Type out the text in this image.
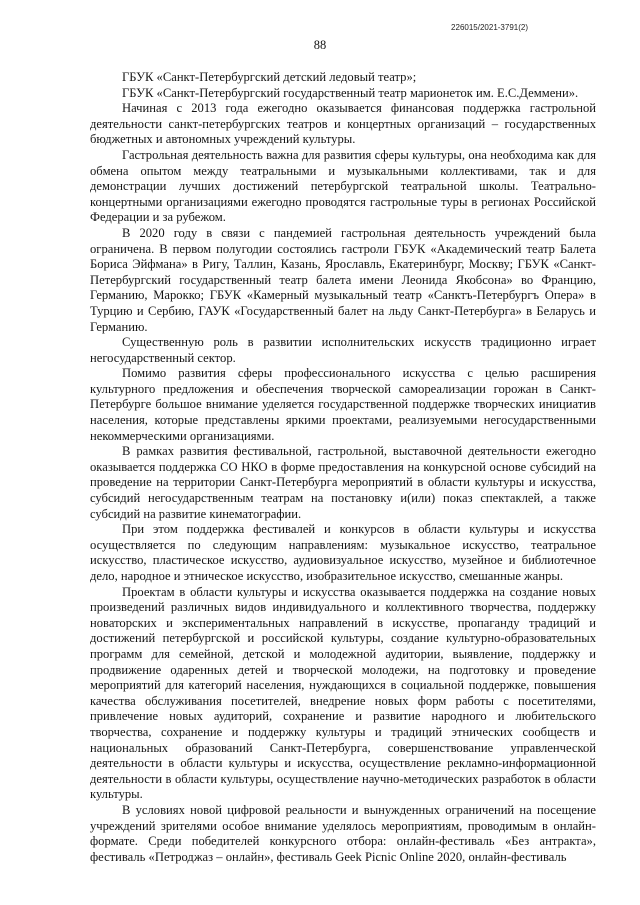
226015/2021-3791(2)
88

ГБУК «Санкт-Петербургский детский ледовый театр»;

ГБУК «Санкт-Петербургский государственный театр марионеток им. Е.С.Деммени».

Начиная с 2013 года ежегодно оказывается финансовая поддержка гастрольной деятельности санкт-петербургских театров и концертных организаций – государственных бюджетных и автономных учреждений культуры.

Гастрольная деятельность важна для развития сферы культуры, она необходима как для обмена опытом между театральными и музыкальными коллективами, так и для демонстрации лучших достижений петербургской театральной школы. Театрально-концертными организациями ежегодно проводятся гастрольные туры в регионах Российской Федерации и за рубежом.

В 2020 году в связи с пандемией гастрольная деятельность учреждений была ограничена. В первом полугодии состоялись гастроли ГБУК «Академический театр Балета Бориса Эйфмана» в Ригу, Таллин, Казань, Ярославль, Екатеринбург, Москву; ГБУК «Санкт-Петербургский государственный театр балета имени Леонида Якобсона» во Францию, Германию, Марокко; ГБУК «Камерный музыкальный театр «Санктъ-Петербургъ Опера» в Турцию и Сербию, ГАУК «Государственный балет на льду Санкт-Петербурга» в Беларусь и Германию.

Существенную роль в развитии исполнительских искусств традиционно играет негосударственный сектор.

Помимо развития сферы профессионального искусства с целью расширения культурного предложения и обеспечения творческой самореализации горожан в Санкт-Петербурге большое внимание уделяется государственной поддержке творческих инициатив населения, которые представлены яркими проектами, реализуемыми негосударственными некоммерческими организациями.

В рамках развития фестивальной, гастрольной, выставочной деятельности ежегодно оказывается поддержка СО НКО в форме предоставления на конкурсной основе субсидий на проведение на территории Санкт-Петербурга мероприятий в области культуры и искусства, субсидий негосударственным театрам на постановку и(или) показ спектаклей, а также субсидий на развитие кинематографии.

При этом поддержка фестивалей и конкурсов в области культуры и искусства осуществляется по следующим направлениям: музыкальное искусство, театральное искусство, пластическое искусство, аудиовизуальное искусство, музейное и библиотечное дело, народное и этническое искусство, изобразительное искусство, смешанные жанры.

Проектам в области культуры и искусства оказывается поддержка на создание новых произведений различных видов индивидуального и коллективного творчества, поддержку новаторских и экспериментальных направлений в искусстве, пропаганду традиций и достижений петербургской и российской культуры, создание культурно-образовательных программ для семейной, детской и молодежной аудитории, выявление, поддержку и продвижение одаренных детей и творческой молодежи, на подготовку и проведение мероприятий для категорий населения, нуждающихся в социальной поддержке, повышения качества обслуживания посетителей, внедрение новых форм работы с посетителями, привлечение новых аудиторий, сохранение и развитие народного и любительского творчества, сохранение и поддержку культуры и традиций этнических сообществ и национальных образований Санкт-Петербурга, совершенствование управленческой деятельности в области культуры и искусства, осуществление рекламно-информационной деятельности в области культуры, осуществление научно-методических разработок в области культуры.

В условиях новой цифровой реальности и вынужденных ограничений на посещение учреждений зрителями особое внимание уделялось мероприятиям, проводимым в онлайн-формате. Среди победителей конкурсного отбора: онлайн-фестиваль «Без антракта», фестиваль «Петроджаз – онлайн», фестиваль Geek Picnic Online 2020, онлайн-фестиваль
